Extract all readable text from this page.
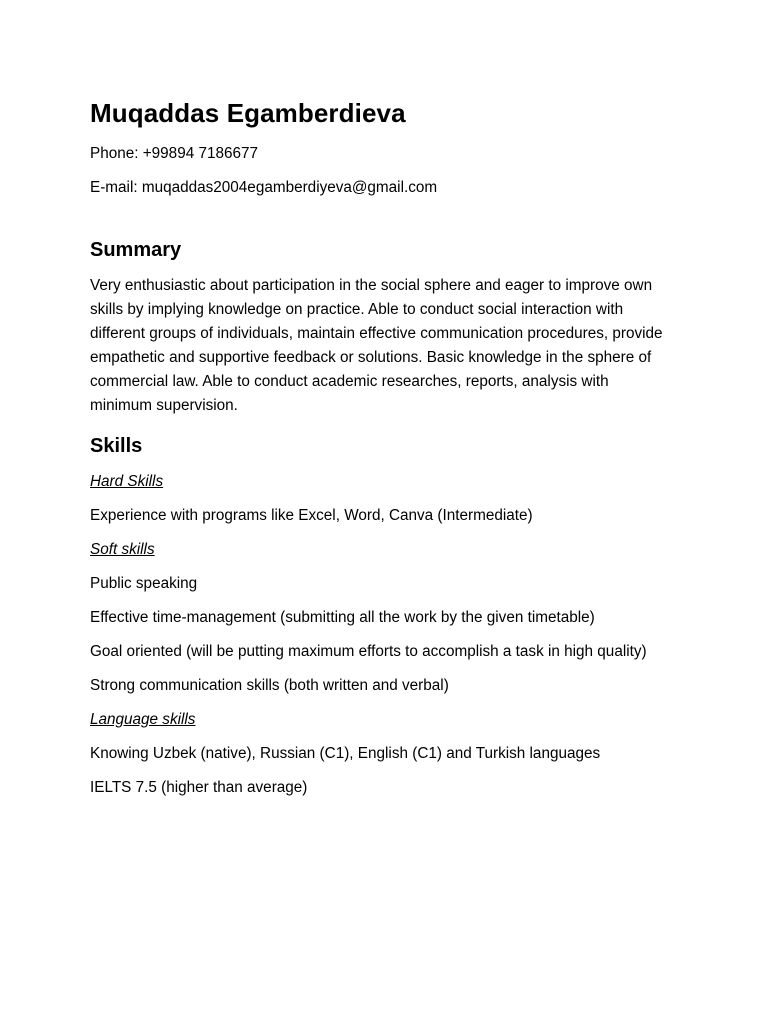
Muqaddas Egamberdieva
Phone: +99894 7186677
E-mail: muqaddas2004egamberdiyeva@gmail.com
Summary

Very enthusiastic about participation in the social sphere and eager to improve own skills by implying knowledge on practice. Able to conduct social interaction with different groups of individuals, maintain effective communication procedures, provide empathetic and supportive feedback or solutions. Basic knowledge in the sphere of commercial law. Able to conduct academic researches, reports, analysis with minimum supervision.

Skills
Hard Skills
Experience with programs like Excel, Word, Canva (Intermediate)
Soft skills
Public speaking
Effective time-management (submitting all the work by the given timetable)
Goal oriented (will be putting maximum efforts to accomplish a task in high quality)
Strong communication skills (both written and verbal)
Language skills
Knowing Uzbek (native), Russian (C1), English (C1) and Turkish languages
IELTS 7.5 (higher than average)
